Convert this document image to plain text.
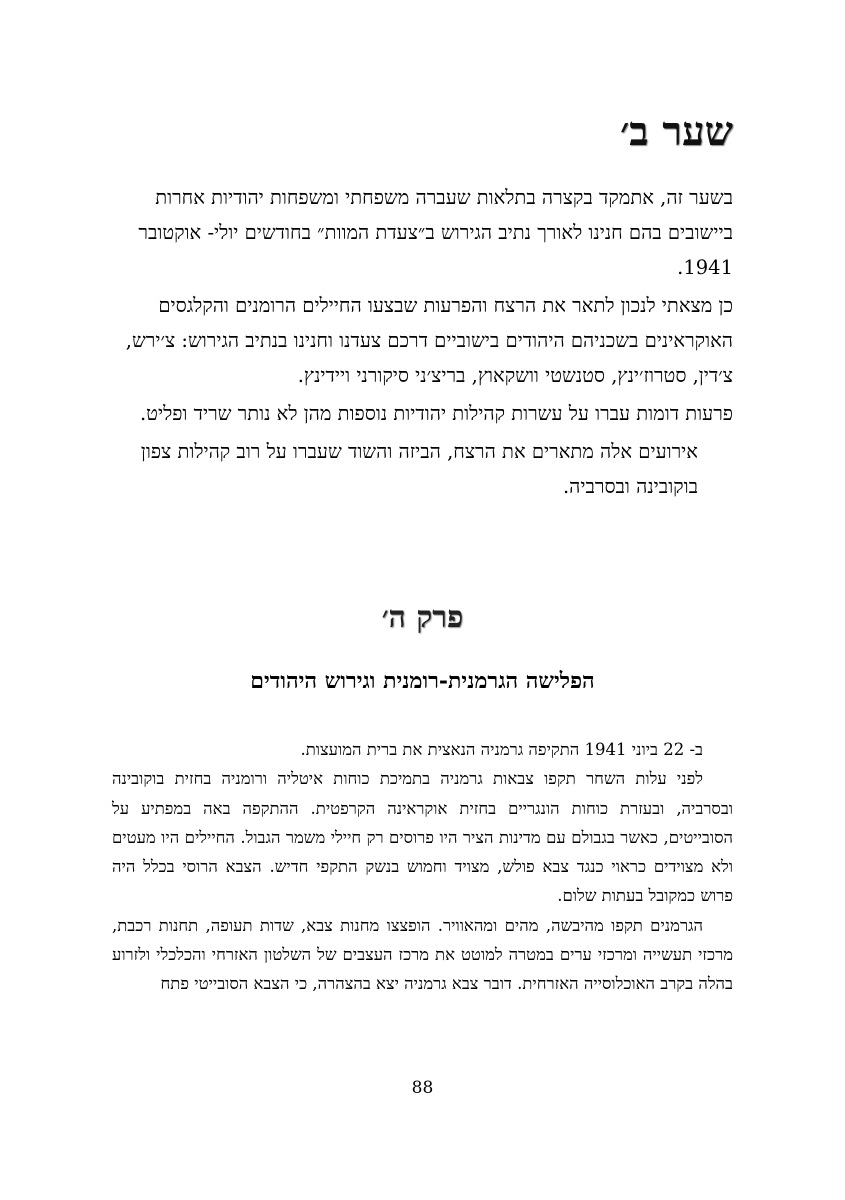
שער ב׳

בשער זה, אתמקד בקצרה בתלאות שעברה משפחתי ומשפחות יהודיות אחרות ביישובים בהם חנינו לאורך נתיב הגירוש ב״צעדת המוות״ בחודשים יולי- אוקטובר 1941.

כן מצאתי לנכון לתאר את הרצח והפרעות שבצעו החיילים הרומנים והקלגסים האוקראינים בשכניהם היהודים בישוביים דרכם צעדנו וחנינו בנתיב הגירוש: צ׳ירש, צ׳דין, סטרוז׳ינץ, סטנשטי וושקאוץ, בריצ׳ני סיקורני ויידינץ.

פרעות דומות עברו על עשרות קהילות יהודיות נוספות מהן לא נותר שריד ופליט.

אירועים אלה מתארים את הרצח, הביזה והשוד שעברו על רוב קהילות צפון בוקובינה ובסרביה.

פרק ה׳
הפלישה הגרמנית-רומנית וגירוש היהודים

ב- 22 ביוני 1941 התקיפה גרמניה הנאצית את ברית המועצות.

לפני עלות השחר תקפו צבאות גרמניה בתמיכת כוחות איטליה ורומניה בחזית בוקובינה ובסרביה, ובעזרת כוחות הונגריים בחזית אוקראינה הקרפטית. ההתקפה באה במפתיע על הסובייטים, כאשר בגבולם עם מדינות הציר היו פרוסים רק חיילי משמר הגבול. החיילים היו מעטים ולא מצוידים כראוי כנגד צבא פולש, מצויד וחמוש בנשק התקפי חדיש. הצבא הרוסי בכלל היה פרוש כמקובל בעתות שלום.

הגרמנים תקפו מהיבשה, מהים ומהאוויר. הופצצו מחנות צבא, שדות תעופה, תחנות רכבת, מרכזי תעשייה ומרכזי ערים במטרה למוטט את מרכז העצבים של השלטון האזרחי והכלכלי ולזרוע בהלה בקרב האוכלוסייה האזרחית. דובר צבא גרמניה יצא בהצהרה, כי הצבא הסובייטי פתח

88
